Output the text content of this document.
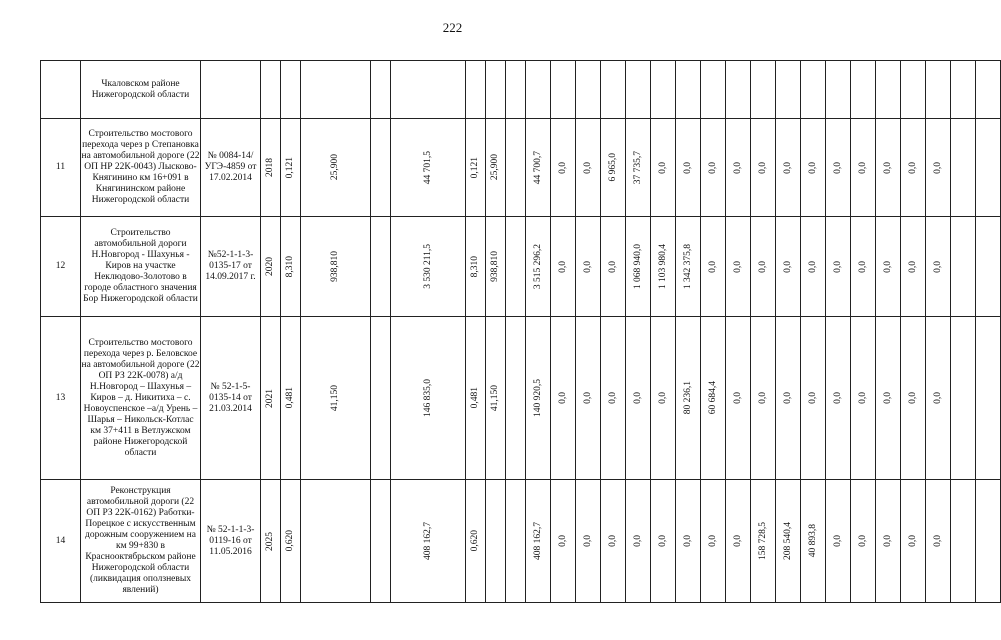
222
	Чкаловском районе Нижегородской области																												
11	Строительство мостового перехода через р Степановка на автомобильной дороге (22 ОП НР 22К-0043) Лысково-Княгинино км 16+091 в Княгининском районе Нижегородской области	№ 0084-14/УГЭ-4859 от 17.02.2014	2018	0,121	25,900		44 701,5	0,121	25,900		44 700,7	0,0	0,0	6 965,0	37 735,7	0,0	0,0	0,0	0,0	0,0	0,0	0,0	0,0	0,0	0,0	0,0	0,0		

12	Строительство автомобильной дороги Н.Новгород - Шахунья - Киров на участке Неклюдово-Золотово в городе областного значения Бор Нижегородской области	№52-1-1-3-0135-17 от 14.09.2017 г.	2020	8,310	938,810		3 530 211,5	8,310	938,810		3 515 296,2	0,0	0,0	0,0	1 068 940,0	1 103 980,4	1 342 375,8	0,0	0,0	0,0	0,0	0,0	0,0	0,0	0,0	0,0	0,0		

13	Строительство мостового перехода через р. Беловское на автомобильной дороге (22 ОП РЗ 22К-0078) а/д Н.Новгород – Шахунья – Киров – д. Никитиха – с. Новоуспенское –а/д Урень – Шарья – Никольск-Котлас км 37+411 в Ветлужском районе Нижегородской области	№ 52-1-5-0135-14 от 21.03.2014	2021	0,481	41,150		146 835,0	0,481	41,150		140 920,5	0,0	0,0	0,0	0,0	0,0	80 236,1	60 684,4	0,0	0,0	0,0	0,0	0,0	0,0	0,0	0,0	0,0		

14	Реконструкция автомобильной дороги (22 ОП РЗ 22К-0162) Работки-Порецкое с искусственным дорожным сооружением на км 99+830 в Краснооктябрьском районе Нижегородской области (ликвидация оползневых явлений)	№ 52-1-1-3-0119-16 от 11.05.2016	2025	0,620			408 162,7	0,620			408 162,7	0,0	0,0	0,0	0,0	0,0	0,0	0,0	0,0	158 728,5	208 540,4	40 893,8	0,0	0,0	0,0	0,0	0,0		
